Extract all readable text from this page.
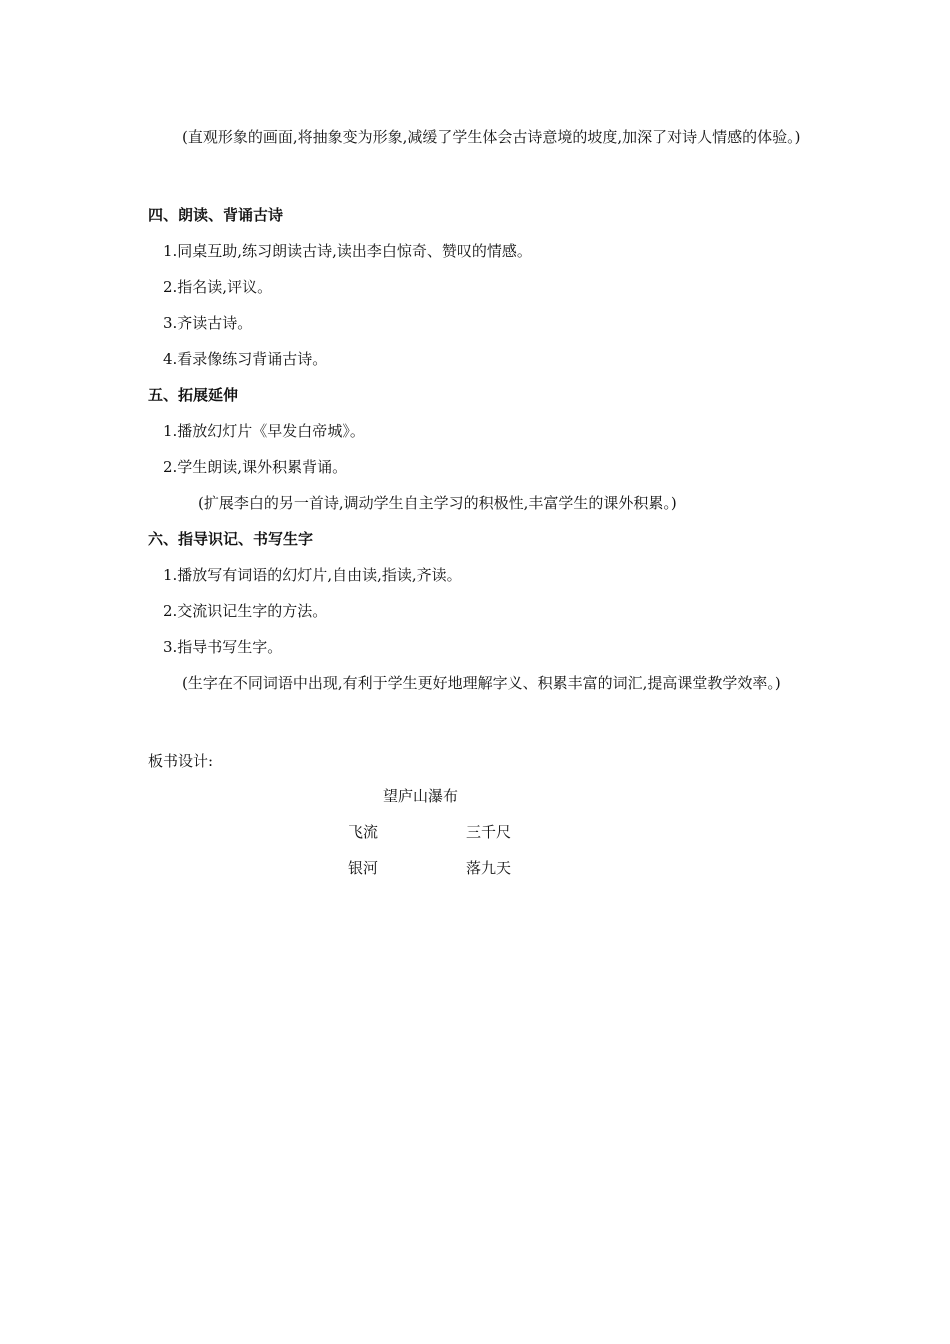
(直观形象的画面,将抽象变为形象,减缓了学生体会古诗意境的坡度,加深了对诗人情感的体验。)
四、朗读、背诵古诗
1.同桌互助,练习朗读古诗,读出李白惊奇、赞叹的情感。
2.指名读,评议。
3.齐读古诗。
4.看录像练习背诵古诗。
五、拓展延伸
1.播放幻灯片《早发白帝城》。
2.学生朗读,课外积累背诵。
(扩展李白的另一首诗,调动学生自主学习的积极性,丰富学生的课外积累。)
六、指导识记、书写生字
1.播放写有词语的幻灯片,自由读,指读,齐读。
2.交流识记生字的方法。
3.指导书写生字。
(生字在不同词语中出现,有利于学生更好地理解字义、积累丰富的词汇,提高课堂教学效率。)
板书设计:
望庐山瀑布
飞流	三千尺
银河	落九天
